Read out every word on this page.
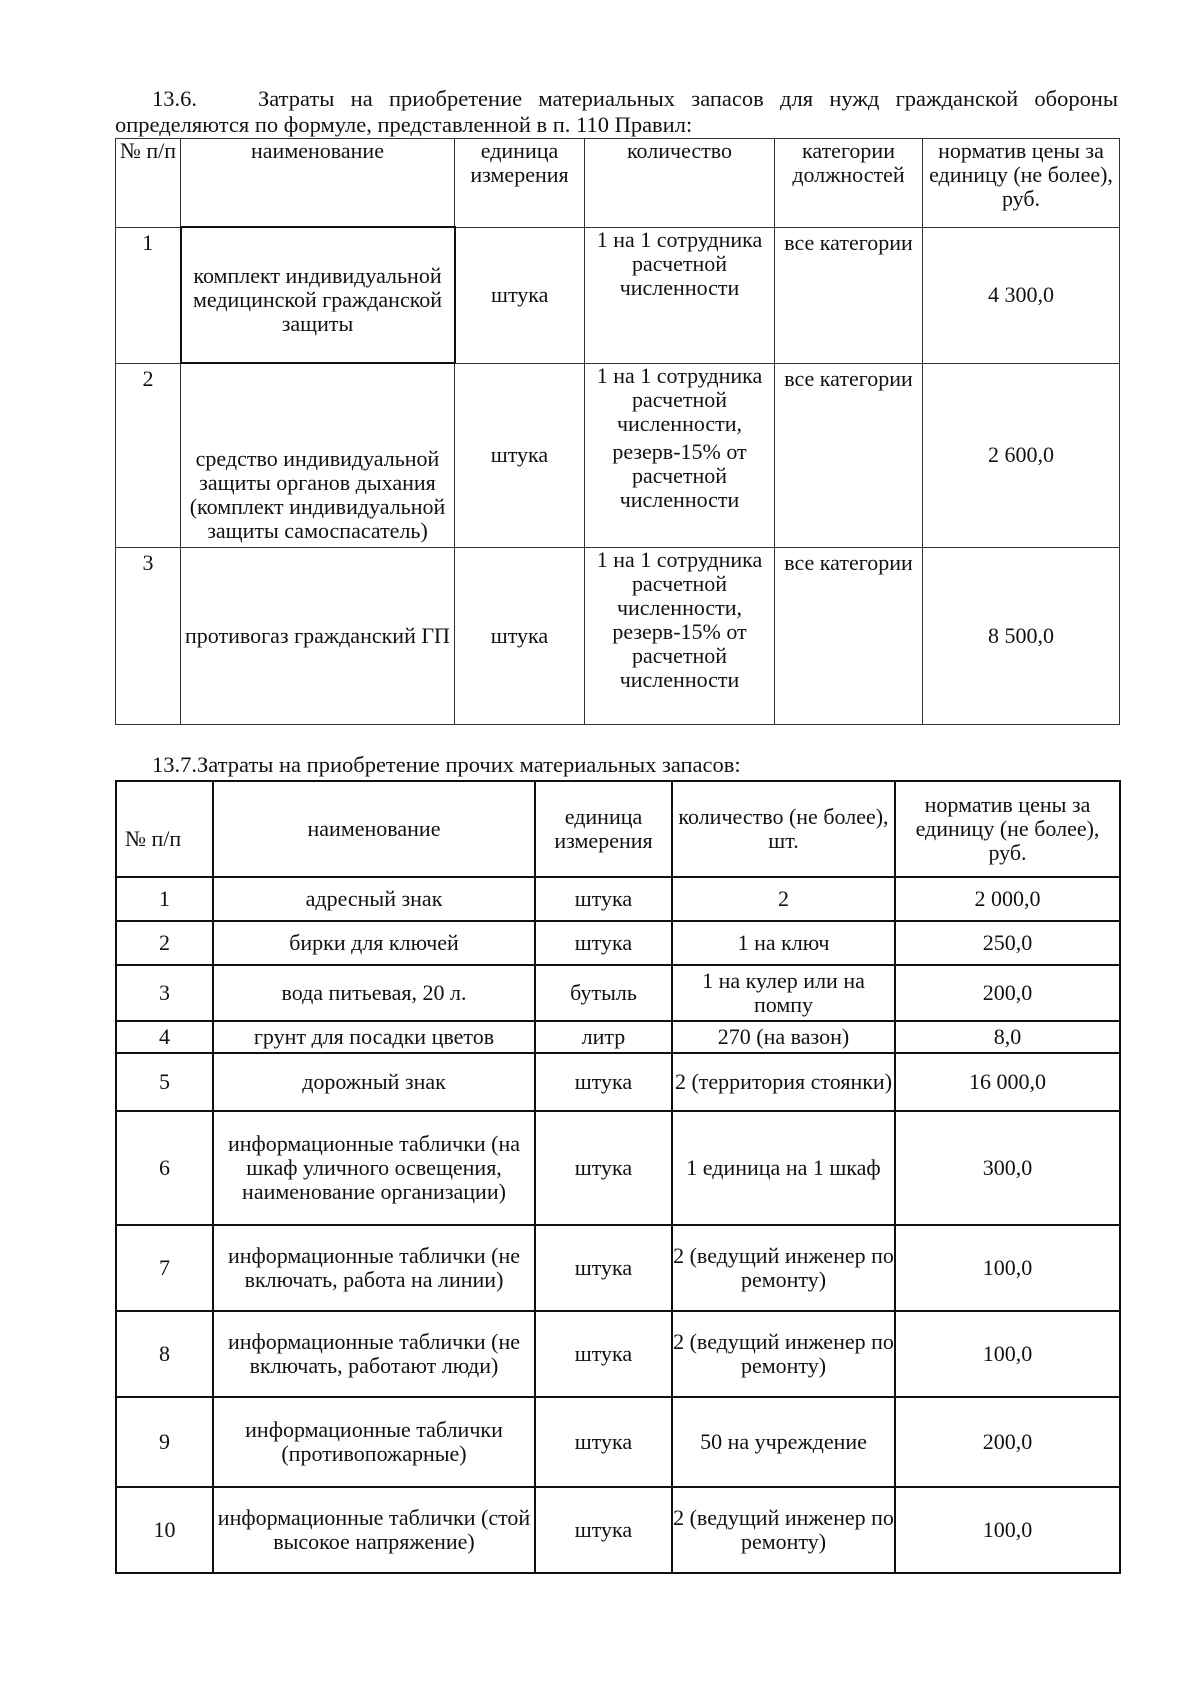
13.6.	Затраты на приобретение материальных запасов для нужд гражданской обороны
определяются по формуле, представленной в п. 110 Правил:
№ п/п	наименование	единица измерения	количество	категории должностей	норматив цены за единицу (не более), руб.
1	комплект индивидуальной медицинской гражданской защиты	штука	1 на 1 сотрудника расчетной численности	все категории	4 300,0
2	средство индивидуальной защиты органов дыхания (комплект индивидуальной защиты самоспасатель)	штука	1 на 1 сотрудника расчетной численности,
резерв-15% от расчетной численности	все категории	2 600,0
3	противогаз гражданский ГП	штука	1 на 1 сотрудника расчетной численности, резерв-15% от расчетной численности	все категории	8 500,0
13.7.Затраты на приобретение прочих материальных запасов:
№ п/п	наименование	единица измерения	количество (не более), шт.	норматив цены за единицу (не более), руб.
1	адресный знак	штука	2	2 000,0
2	бирки для ключей	штука	1 на ключ	250,0
3	вода питьевая, 20 л.	бутыль	1 на кулер или на помпу	200,0
4	грунт для посадки цветов	литр	270 (на вазон)	8,0
5	дорожный знак	штука	2 (территория стоянки)	16 000,0
6	информационные таблички (на шкаф уличного освещения, наименование организации)	штука	1 единица на 1 шкаф	300,0
7	информационные таблички (не включать, работа на линии)	штука	2 (ведущий инженер по ремонту)	100,0
8	информационные таблички (не включать, работают люди)	штука	2 (ведущий инженер по ремонту)	100,0
9	информационные таблички (противопожарные)	штука	50 на учреждение	200,0
10	информационные таблички (стой высокое напряжение)	штука	2 (ведущий инженер по ремонту)	100,0
